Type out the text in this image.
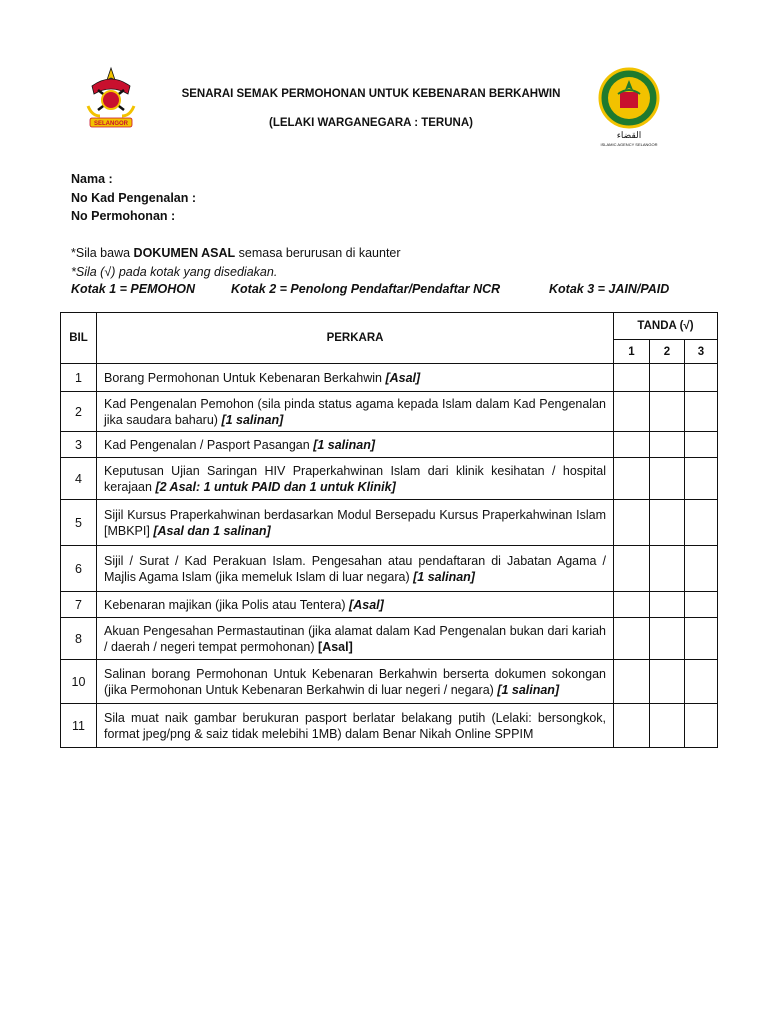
SELANGOR
ﺍﻟﻘﻀﺎﺀ
ISLAMIC AGENCY SELANGOR
SENARAI SEMAK PERMOHONAN UNTUK KEBENARAN BERKAHWIN
(LELAKI WARGANEGARA : TERUNA)
Nama :
No Kad Pengenalan :
No Permohonan :
*Sila bawa DOKUMEN ASAL semasa berurusan di kaunter
*Sila (√) pada kotak yang disediakan.
Kotak 1 = PEMOHON	Kotak 2 = Penolong Pendaftar/Pendaftar NCR	Kotak 3 = JAIN/PAID
BIL	PERKARA	TANDA (√)		
		1	2	3
1	Borang Permohonan Untuk Kebenaran Berkahwin [Asal]			
2	Kad Pengenalan Pemohon (sila pinda status agama kepada Islam dalam Kad Pengenalan jika saudara baharu) [1 salinan]			
3	Kad Pengenalan / Pasport Pasangan [1 salinan]			
4	Keputusan Ujian Saringan HIV Praperkahwinan Islam dari klinik kesihatan / hospital kerajaan [2 Asal: 1 untuk PAID dan 1 untuk Klinik]			
5	Sijil Kursus Praperkahwinan berdasarkan Modul Bersepadu Kursus Praperkahwinan Islam [MBKPI] [Asal dan 1 salinan]			
6	Sijil / Surat / Kad Perakuan Islam. Pengesahan atau pendaftaran di Jabatan Agama / Majlis Agama Islam (jika memeluk Islam di luar negara) [1 salinan]			
7	Kebenaran majikan (jika Polis atau Tentera) [Asal]			
8	Akuan Pengesahan Permastautinan (jika alamat dalam Kad Pengenalan bukan dari kariah / daerah / negeri tempat permohonan) [Asal]			
10	Salinan borang Permohonan Untuk Kebenaran Berkahwin berserta dokumen sokongan (jika Permohonan Untuk Kebenaran Berkahwin di luar negeri / negara) [1 salinan]			
11	Sila muat naik gambar berukuran pasport berlatar belakang putih (Lelaki: bersongkok, format jpeg/png & saiz tidak melebihi 1MB) dalam Benar Nikah Online SPPIM			
